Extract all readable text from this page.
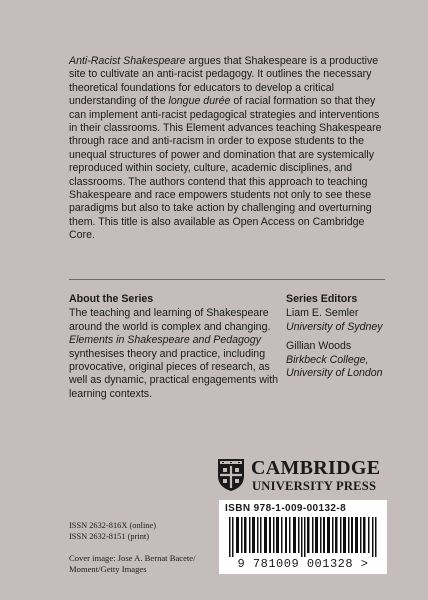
Anti-Racist Shakespeare argues that Shakespeare is a productive site to cultivate an anti-racist pedagogy. It outlines the necessary theoretical foundations for educators to develop a critical understanding of the longue durée of racial formation so that they can implement anti-racist pedagogical strategies and interventions in their classrooms. This Element advances teaching Shakespeare through race and anti-racism in order to expose students to the unequal structures of power and domination that are systemically reproduced within society, culture, academic disciplines, and classrooms. The authors contend that this approach to teaching Shakespeare and race empowers students not only to see these paradigms but also to take action by challenging and overturning them. This title is also available as Open Access on Cambridge Core.

About the Series
The teaching and learning of Shakespeare around the world is complex and changing. Elements in Shakespeare and Pedagogy synthesises theory and practice, including provocative, original pieces of research, as well as dynamic, practical engagements with learning contexts.
Series Editors
Liam E. Semler
University of Sydney
Gillian Woods
Birkbeck College, University of London
CAMBRIDGE
UNIVERSITY PRESS
ISBN 978-1-009-00132-8
9 781009 001328 >
ISSN 2632-816X (online)
ISSN 2632-8151 (print)
Cover image: Jose A. Bernat Bacete/
Moment/Getty Images
